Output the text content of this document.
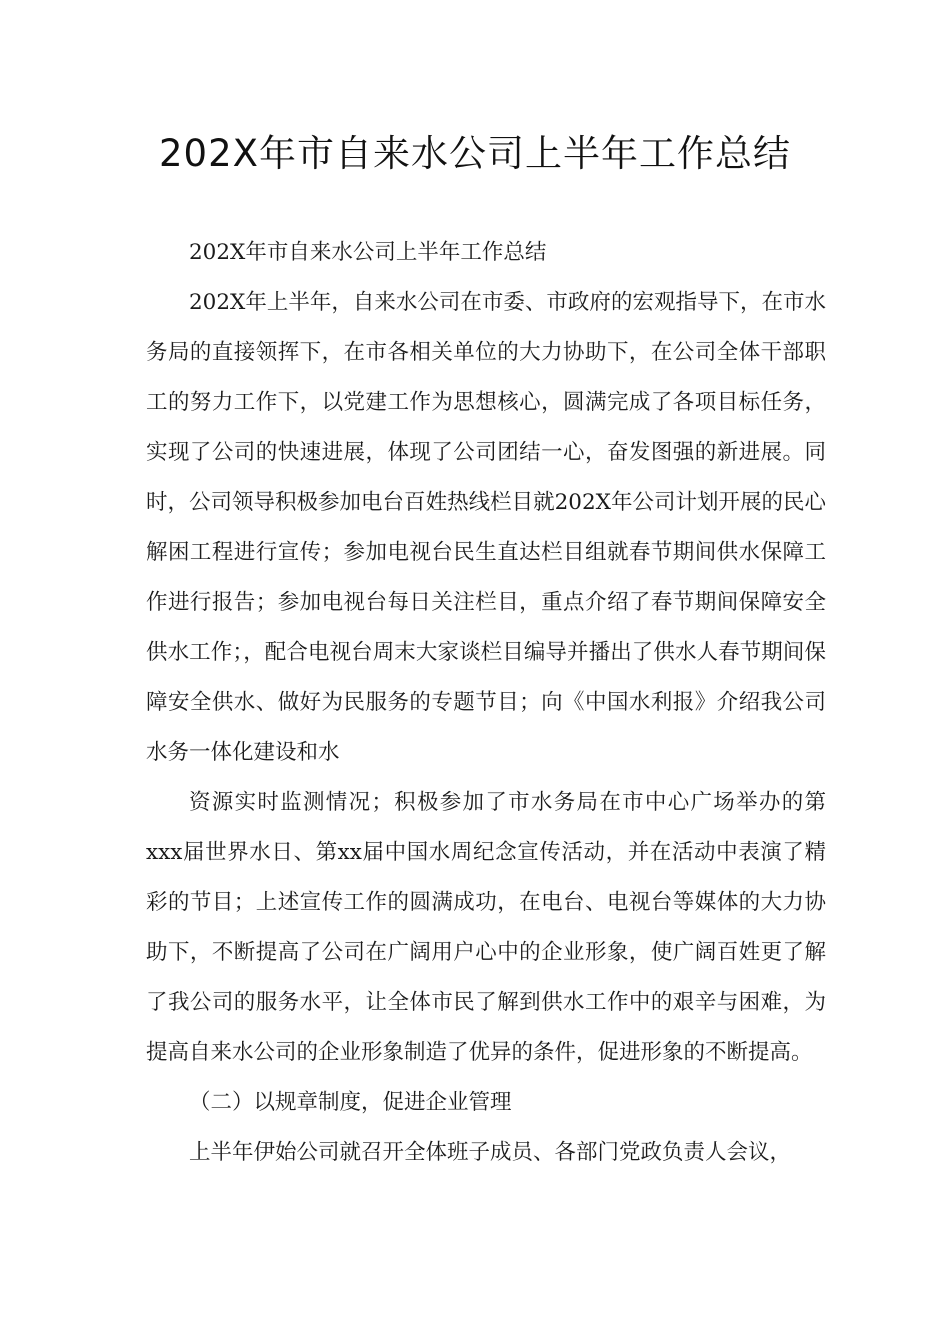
202X年市自来水公司上半年工作总结

202X年市自来水公司上半年工作总结

202X年上半年，自来水公司在市委、市政府的宏观指导下，在市水务局的直接领挥下，在市各相关单位的大力协助下，在公司全体干部职工的努力工作下，以党建工作为思想核心，圆满完成了各项目标任务，实现了公司的快速进展，体现了公司团结一心，奋发图强的新进展。同时，公司领导积极参加电台百姓热线栏目就202X年公司计划开展的民心解困工程进行宣传；参加电视台民生直达栏目组就春节期间供水保障工作进行报告；参加电视台每日关注栏目，重点介绍了春节期间保障安全供水工作；，配合电视台周末大家谈栏目编导并播出了供水人春节期间保障安全供水、做好为民服务的专题节目；向《中国水利报》介绍我公司水务一体化建设和水

资源实时监测情况；积极参加了市水务局在市中心广场举办的第xxx届世界水日、第xx届中国水周纪念宣传活动，并在活动中表演了精彩的节目；上述宣传工作的圆满成功，在电台、电视台等媒体的大力协助下，不断提高了公司在广阔用户心中的企业形象，使广阔百姓更了解了我公司的服务水平，让全体市民了解到供水工作中的艰辛与困难，为提高自来水公司的企业形象制造了优异的条件，促进形象的不断提高。

（二）以规章制度，促进企业管理

上半年伊始公司就召开全体班子成员、各部门党政负责人会议，
